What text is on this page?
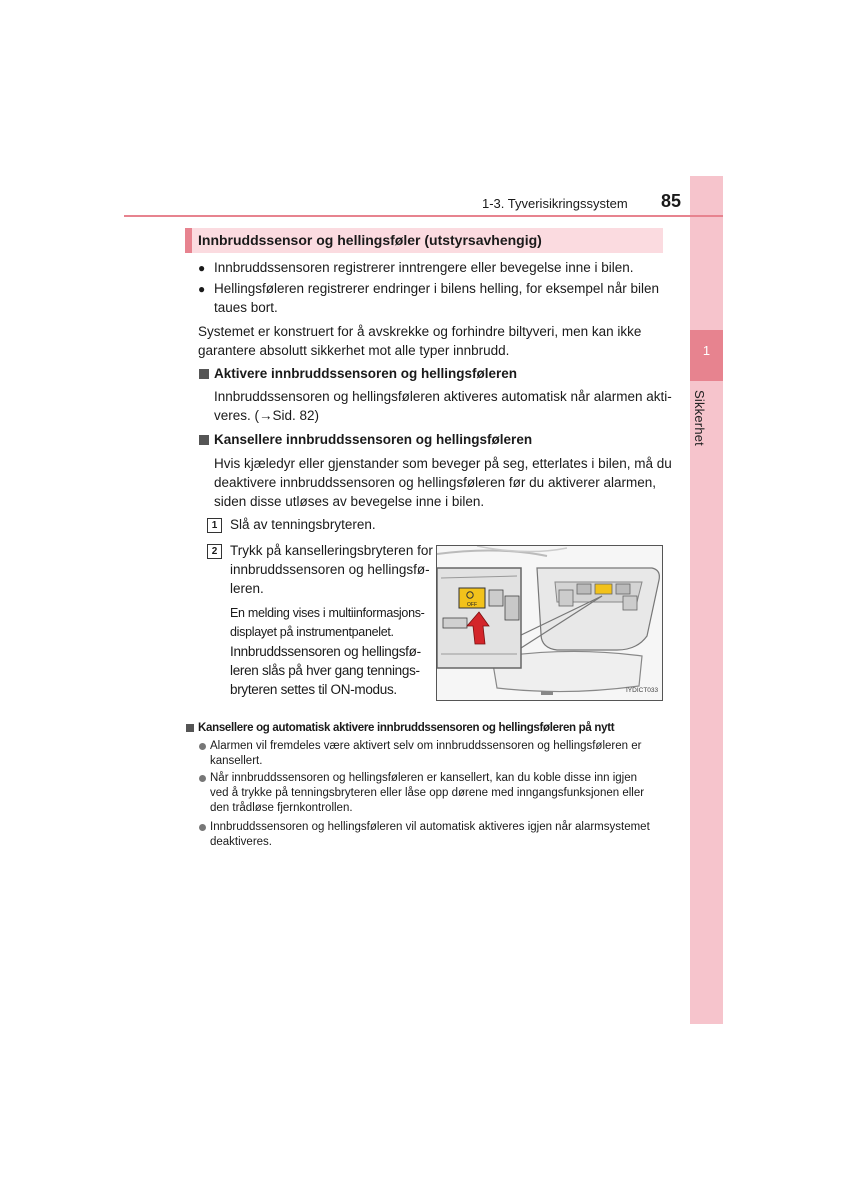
1
Sikkerhet
1-3. Tyverisikringssystem 85
Innbruddssensor og hellingsføler (utstyrsavhengig)
● Innbruddssensoren registrerer inntrengere eller bevegelse inne i bilen.
● Hellingsføleren registrerer endringer i bilens helling, for eksempel når bilen
taues bort.
Systemet er konstruert for å avskrekke og forhindre biltyveri, men kan ikke
garantere absolutt sikkerhet mot alle typer innbrudd.
Aktivere innbruddssensoren og hellingsføleren
Innbruddssensoren og hellingsføleren aktiveres automatisk når alarmen akti-
veres. (→Sid. 82)
Kansellere innbruddssensoren og hellingsføleren
Hvis kjæledyr eller gjenstander som beveger på seg, etterlates i bilen, må du
deaktivere innbruddssensoren og hellingsføleren før du aktiverer alarmen,
siden disse utløses av bevegelse inne i bilen.
1 Slå av tenningsbryteren.
2 Trykk på kanselleringsbryteren for
innbruddssensoren og hellingsfø-
leren.
En melding vises i multiinformasjons-
displayet på instrumentpanelet.
Innbruddssensoren og hellingsfø-
leren slås på hver gang tennings-
bryteren settes til ON-modus.
OFF
IYDICT033
Kansellere og automatisk aktivere innbruddssensoren og hellingsføleren på nytt
Alarmen vil fremdeles være aktivert selv om innbruddssensoren og hellingsføleren er
kansellert.
Når innbruddssensoren og hellingsføleren er kansellert, kan du koble disse inn igjen
ved å trykke på tenningsbryteren eller låse opp dørene med inngangsfunksjonen eller
den trådløse fjernkontrollen.
Innbruddssensoren og hellingsføleren vil automatisk aktiveres igjen når alarmsystemet
deaktiveres.
